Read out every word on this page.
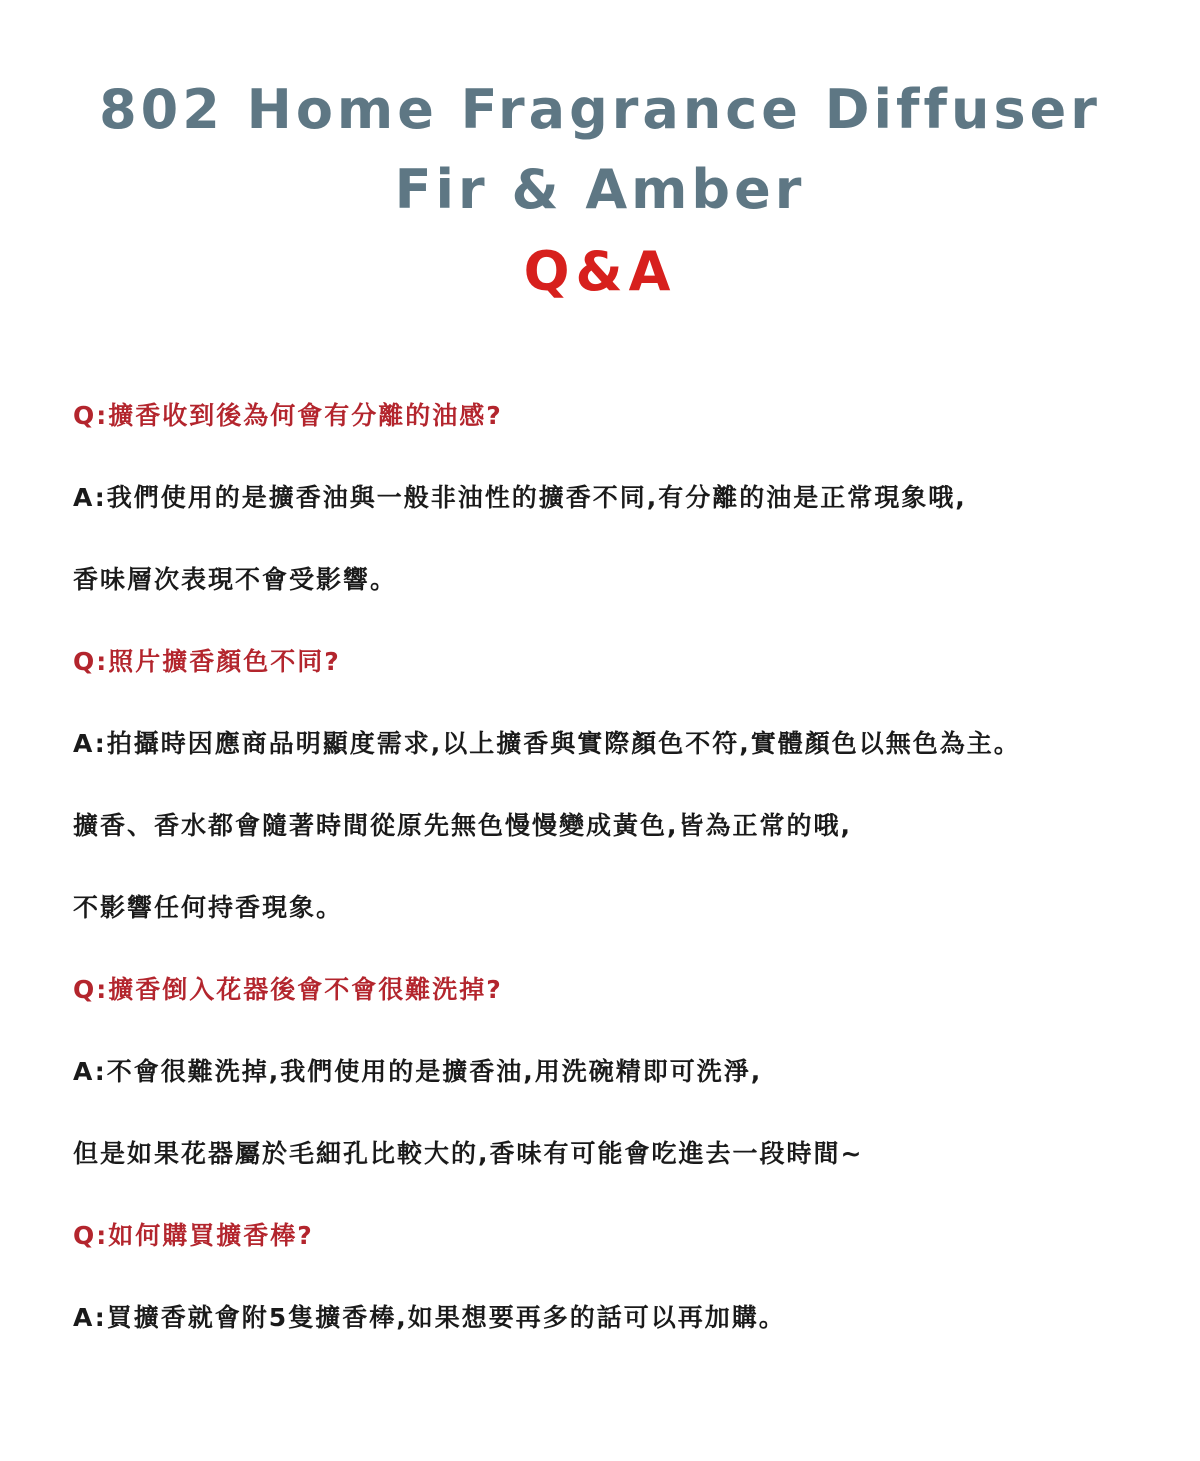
802 Home Fragrance Diffuser
Fir & Amber
Q&A
Q:擴香收到後為何會有分離的油感?
A:我們使用的是擴香油與一般非油性的擴香不同,有分離的油是正常現象哦,
香味層次表現不會受影響。
Q:照片擴香顏色不同?
A:拍攝時因應商品明顯度需求,以上擴香與實際顏色不符,實體顏色以無色為主。
擴香、香水都會隨著時間從原先無色慢慢變成黃色,皆為正常的哦,
不影響任何持香現象。
Q:擴香倒入花器後會不會很難洗掉?
A:不會很難洗掉,我們使用的是擴香油,用洗碗精即可洗淨,
但是如果花器屬於毛細孔比較大的,香味有可能會吃進去一段時間~
Q:如何購買擴香棒?
A:買擴香就會附5隻擴香棒,如果想要再多的話可以再加購。
